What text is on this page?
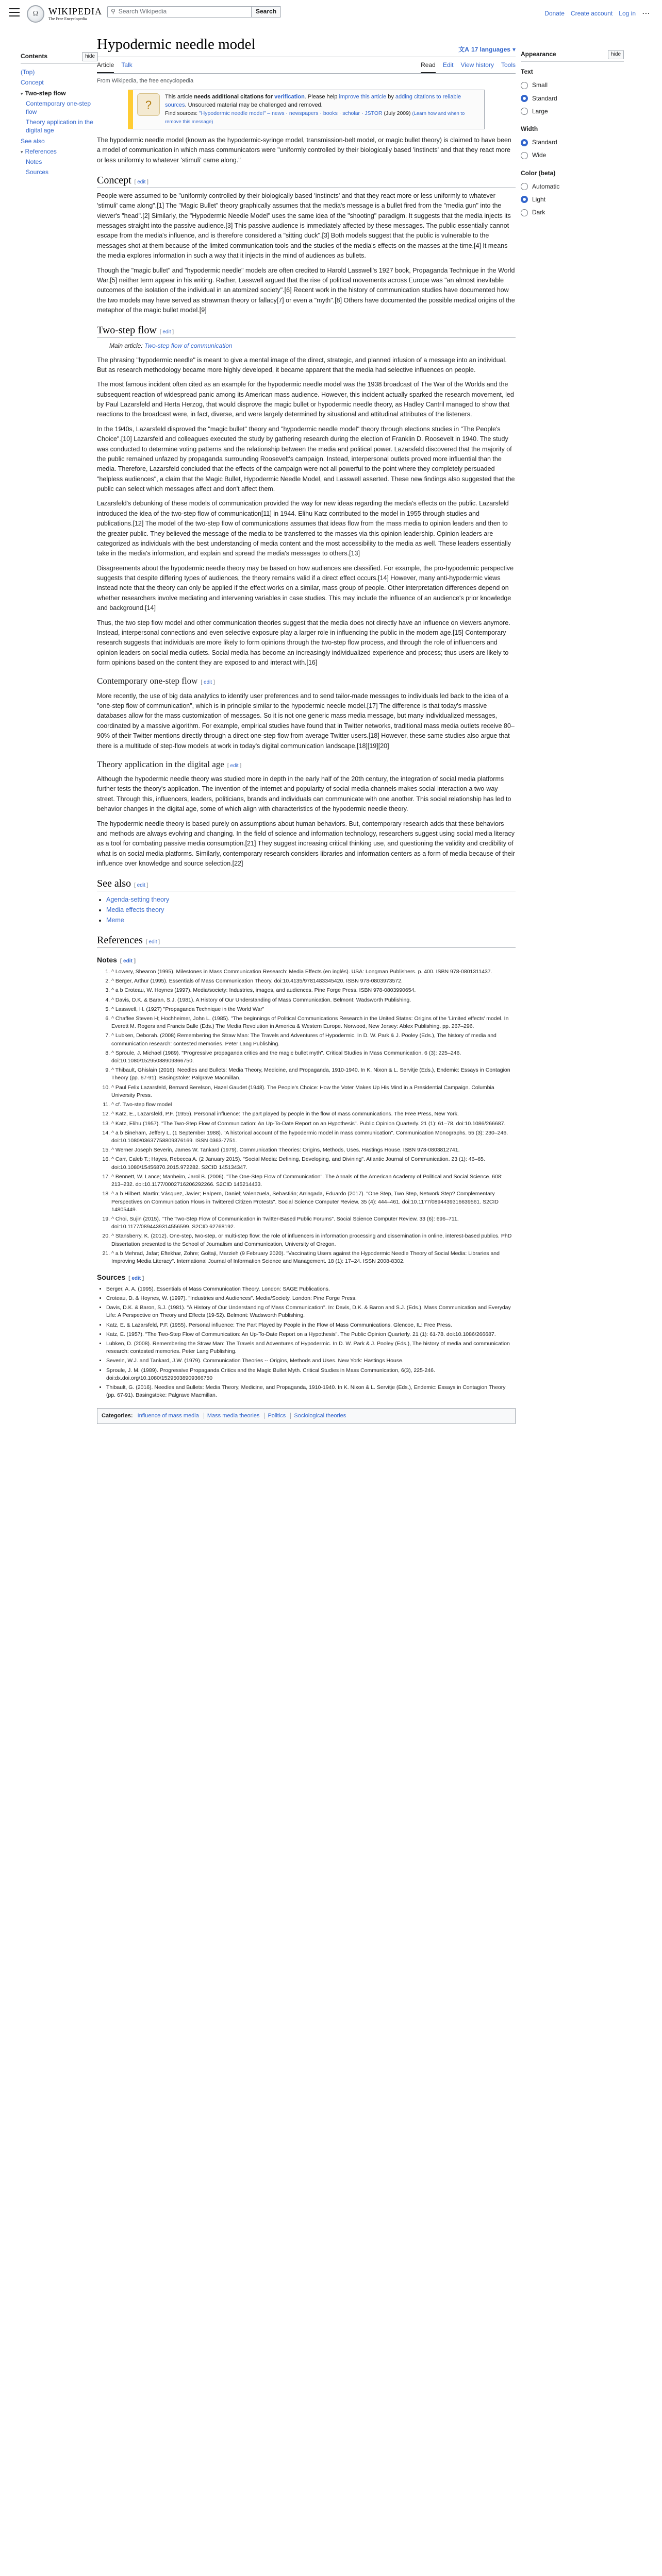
Ω	WIKIPEDIA
The Free Encyclopedia
⚲ Search Wikipedia	Search	Donate Create account Log in ⋯
Contents	hide
(Top)
Concept
▾ Two-step flow
Contemporary one-step flow
Theory application in the digital age
See also
▾ References
Notes
Sources
Hypodermic needle model	文A 17 languages ▾
Article Talk	Read Edit View history Tools
From Wikipedia, the free encyclopedia
?
This article needs additional citations for verification. Please help improve this article by adding citations to reliable sources. Unsourced material may be challenged and removed.
Find sources: "Hypodermic needle model" – news · newspapers · books · scholar · JSTOR (July 2009) (Learn how and when to remove this message)

The hypodermic needle model (known as the hypodermic-syringe model, transmission-belt model, or magic bullet theory) is claimed to have been a model of communication in which mass communicators were "uniformly controlled by their biologically based 'instincts' and that they react more or less uniformly to whatever 'stimuli' came along."

Concept [ edit ]

People were assumed to be "uniformly controlled by their biologically based 'instincts' and that they react more or less uniformly to whatever 'stimuli' came along".[1] The "Magic Bullet" theory graphically assumes that the media's message is a bullet fired from the "media gun" into the viewer's "head".[2] Similarly, the "Hypodermic Needle Model" uses the same idea of the "shooting" paradigm. It suggests that the media injects its messages straight into the passive audience.[3] This passive audience is immediately affected by these messages. The public essentially cannot escape from the media's influence, and is therefore considered a "sitting duck".[3] Both models suggest that the public is vulnerable to the messages shot at them because of the limited communication tools and the studies of the media's effects on the masses at the time.[4] It means the media explores information in such a way that it injects in the mind of audiences as bullets.

Though the "magic bullet" and "hypodermic needle" models are often credited to Harold Lasswell's 1927 book, Propaganda Technique in the World War,[5] neither term appear in his writing. Rather, Lasswell argued that the rise of political movements across Europe was "an almost inevitable outcomes of the isolation of the individual in an atomized society".[6] Recent work in the history of communication studies have documented how the two models may have served as strawman theory or fallacy[7] or even a "myth".[8] Others have documented the possible medical origins of the metaphor of the magic bullet model.[9]

Two-step flow [ edit ]
Main article: Two-step flow of communication

The phrasing "hypodermic needle" is meant to give a mental image of the direct, strategic, and planned infusion of a message into an individual. But as research methodology became more highly developed, it became apparent that the media had selective influences on people.

The most famous incident often cited as an example for the hypodermic needle model was the 1938 broadcast of The War of the Worlds and the subsequent reaction of widespread panic among its American mass audience. However, this incident actually sparked the research movement, led by Paul Lazarsfeld and Herta Herzog, that would disprove the magic bullet or hypodermic needle theory, as Hadley Cantril managed to show that reactions to the broadcast were, in fact, diverse, and were largely determined by situational and attitudinal attributes of the listeners.

In the 1940s, Lazarsfeld disproved the "magic bullet" theory and "hypodermic needle model" theory through elections studies in "The People's Choice".[10] Lazarsfeld and colleagues executed the study by gathering research during the election of Franklin D. Roosevelt in 1940. The study was conducted to determine voting patterns and the relationship between the media and political power. Lazarsfeld discovered that the majority of the public remained unfazed by propaganda surrounding Roosevelt's campaign. Instead, interpersonal outlets proved more influential than the media. Therefore, Lazarsfeld concluded that the effects of the campaign were not all powerful to the point where they completely persuaded "helpless audiences", a claim that the Magic Bullet, Hypodermic Needle Model, and Lasswell asserted. These new findings also suggested that the public can select which messages affect and don't affect them.

Lazarsfeld's debunking of these models of communication provided the way for new ideas regarding the media's effects on the public. Lazarsfeld introduced the idea of the two-step flow of communication[11] in 1944. Elihu Katz contributed to the model in 1955 through studies and publications.[12] The model of the two-step flow of communications assumes that ideas flow from the mass media to opinion leaders and then to the greater public. They believed the message of the media to be transferred to the masses via this opinion leadership. Opinion leaders are categorized as individuals with the best understanding of media content and the most accessibility to the media as well. These leaders essentially take in the media's information, and explain and spread the media's messages to others.[13]

Disagreements about the hypodermic needle theory may be based on how audiences are classified. For example, the pro-hypodermic perspective suggests that despite differing types of audiences, the theory remains valid if a direct effect occurs.[14] However, many anti-hypodermic views instead note that the theory can only be applied if the effect works on a similar, mass group of people. Other interpretation differences depend on whether researchers involve mediating and intervening variables in case studies. This may include the influence of an audience's prior knowledge and background.[14]

Thus, the two step flow model and other communication theories suggest that the media does not directly have an influence on viewers anymore. Instead, interpersonal connections and even selective exposure play a larger role in influencing the public in the modern age.[15] Contemporary research suggests that individuals are more likely to form opinions through the two-step flow process, and through the role of influencers and opinion leaders on social media outlets. Social media has become an increasingly individualized experience and process; thus users are likely to form opinions based on the content they are exposed to and interact with.[16]

Contemporary one-step flow [ edit ]

More recently, the use of big data analytics to identify user preferences and to send tailor-made messages to individuals led back to the idea of a "one-step flow of communication", which is in principle similar to the hypodermic needle model.[17] The difference is that today's massive databases allow for the mass customization of messages. So it is not one generic mass media message, but many individualized messages, coordinated by a massive algorithm. For example, empirical studies have found that in Twitter networks, traditional mass media outlets receive 80–90% of their Twitter mentions directly through a direct one-step flow from average Twitter users.[18] However, these same studies also argue that there is a multitude of step-flow models at work in today's digital communication landscape.[18][19][20]

Theory application in the digital age [ edit ]

Although the hypodermic needle theory was studied more in depth in the early half of the 20th century, the integration of social media platforms further tests the theory's application. The invention of the internet and popularity of social media channels makes social interaction a two-way street. Through this, influencers, leaders, politicians, brands and individuals can communicate with one another. This social relationship has led to behavior changes in the digital age, some of which align with characteristics of the hypodermic needle theory.

The hypodermic needle theory is based purely on assumptions about human behaviors. But, contemporary research adds that these behaviors and methods are always evolving and changing. In the field of science and information technology, researchers suggest using social media literacy as a tool for combating passive media consumption.[21] They suggest increasing critical thinking use, and questioning the validity and credibility of what is on social media platforms. Similarly, contemporary research considers libraries and information centers as a form of media because of their influence over knowledge and source selection.[22]

See also [ edit ]
• Agenda-setting theory
• Media effects theory
• Meme
References [ edit ]
Notes [ edit ]
1. ^ Lowery, Shearon (1995). Milestones in Mass Communication Research: Media Effects (en inglés). USA: Longman Publishers. p. 400. ISBN 978-0801311437.
2. ^ Berger, Arthur (1995). Essentials of Mass Communication Theory. doi:10.4135/9781483345420. ISBN 978-0803973572.
3. ^ a b Croteau, W. Hoynes (1997). Media/society: Industries, images, and audiences. Pine Forge Press. ISBN 978-0803990654.
4. ^ Davis, D.K. & Baran, S.J. (1981). A History of Our Understanding of Mass Communication. Belmont: Wadsworth Publishing.
5. ^ Lasswell, H. (1927) "Propaganda Technique in the World War"
6. ^ Chaffee Steven H; Hochheimer, John L. (1985). "The beginnings of Political Communications Research in the United States: Origins of the 'Limited effects' model. In Everett M. Rogers and Francis Balle (Eds.) The Media Revolution in America & Western Europe. Norwood, New Jersey: Ablex Publishing. pp. 267–296.
7. ^ Lubken, Deborah. (2008) Remembering the Straw Man: The Travels and Adventures of Hypodermic. In D. W. Park & J. Pooley (Eds.), The history of media and communication research: contested memories. Peter Lang Publishing.
8. ^ Sproule, J. Michael (1989). "Progressive propaganda critics and the magic bullet myth". Critical Studies in Mass Communication. 6 (3): 225–246. doi:10.1080/15295038909366750.
9. ^ Thibault, Ghislain (2016). Needles and Bullets: Media Theory, Medicine, and Propaganda, 1910-1940. In K. Nixon & L. Servitje (Eds.), Endemic: Essays in Contagion Theory (pp. 67-91). Basingstoke: Palgrave Macmillan.
10. ^ Paul Felix Lazarsfeld, Bernard Berelson, Hazel Gaudet (1948). The People's Choice: How the Voter Makes Up His Mind in a Presidential Campaign. Columbia University Press.
11. ^ cf. Two-step flow model
12. ^ Katz, E., Lazarsfeld, P.F. (1955). Personal influence: The part played by people in the flow of mass communications. The Free Press, New York.
13. ^ Katz, Elihu (1957). "The Two-Step Flow of Communication: An Up-To-Date Report on an Hypothesis". Public Opinion Quarterly. 21 (1): 61–78. doi:10.1086/266687.
14. ^ a b Bineham, Jeffery L. (1 September 1988). "A historical account of the hypodermic model in mass communication". Communication Monographs. 55 (3): 230–246. doi:10.1080/03637758809376169. ISSN 0363-7751.
15. ^ Werner Joseph Severin, James W. Tankard (1979). Communication Theories: Origins, Methods, Uses. Hastings House. ISBN 978-0803812741.
16. ^ Carr, Caleb T.; Hayes, Rebecca A. (2 January 2015). "Social Media: Defining, Developing, and Divining". Atlantic Journal of Communication. 23 (1): 46–65. doi:10.1080/15456870.2015.972282. S2CID 145134347.
17. ^ Bennett, W. Lance; Manheim, Jarol B. (2006). "The One-Step Flow of Communication". The Annals of the American Academy of Political and Social Science. 608: 213–232. doi:10.1177/0002716206292266. S2CID 145214433.
18. ^ a b Hilbert, Martin; Vásquez, Javier; Halpern, Daniel; Valenzuela, Sebastián; Arriagada, Eduardo (2017). "One Step, Two Step, Network Step? Complementary Perspectives on Communication Flows in Twittered Citizen Protests". Social Science Computer Review. 35 (4): 444–461. doi:10.1177/0894439316639561. S2CID 14805449.
19. ^ Choi, Sujin (2015). "The Two-Step Flow of Communication in Twitter-Based Public Forums". Social Science Computer Review. 33 (6): 696–711. doi:10.1177/0894439314556599. S2CID 62768192.
20. ^ Stansberry, K. (2012). One-step, two-step, or multi-step flow: the role of influencers in information processing and dissemination in online, interest-based publics. PhD Dissertation presented to the School of Journalism and Communication, University of Oregon.
21. ^ a b Mehrad, Jafar; Eftekhar, Zohre; Goltaji, Marzieh (9 February 2020). "Vaccinating Users against the Hypodermic Needle Theory of Social Media: Libraries and Improving Media Literacy". International Journal of Information Science and Management. 18 (1): 17–24. ISSN 2008-8302.
Sources [ edit ]
• Berger, A. A. (1995). Essentials of Mass Communication Theory. London: SAGE Publications.
• Croteau, D. & Hoynes, W. (1997). "Industries and Audiences". Media/Society. London: Pine Forge Press.
• Davis, D.K. & Baron, S.J. (1981). "A History of Our Understanding of Mass Communication". In: Davis, D.K. & Baron and S.J. (Eds.). Mass Communication and Everyday Life: A Perspective on Theory and Effects (19-52). Belmont: Wadsworth Publishing.
• Katz, E. & Lazarsfeld, P.F. (1955). Personal influence: The Part Played by People in the Flow of Mass Communications. Glencoe, IL: Free Press.
• Katz, E. (1957). "The Two-Step Flow of Communication: An Up-To-Date Report on a Hypothesis". The Public Opinion Quarterly. 21 (1): 61-78. doi:10.1086/266687.
• Lubken, D. (2008). Remembering the Straw Man: The Travels and Adventures of Hypodermic. In D. W. Park & J. Pooley (Eds.), The history of media and communication research: contested memories. Peter Lang Publishing.
• Severin, W.J. and Tankard, J.W. (1979). Communication Theories -- Origins, Methods and Uses. New York: Hastings House.
• Sproule, J. M. (1989). Progressive Propaganda Critics and the Magic Bullet Myth. Critical Studies in Mass Communication, 6(3), 225-246. doi:dx.doi.org/10.1080/15295038909366750
• Thibault, G. (2016). Needles and Bullets: Media Theory, Medicine, and Propaganda, 1910-1940. In K. Nixon & L. Servitje (Eds.), Endemic: Essays in Contagion Theory (pp. 67-91). Basingstoke: Palgrave Macmillan.
Categories: Influence of mass media Mass media theories Politics Sociological theories
Appearance	hide
Text
Small
Standard
Large
Width
Standard
Wide
Color (beta)
Automatic
Light
Dark
